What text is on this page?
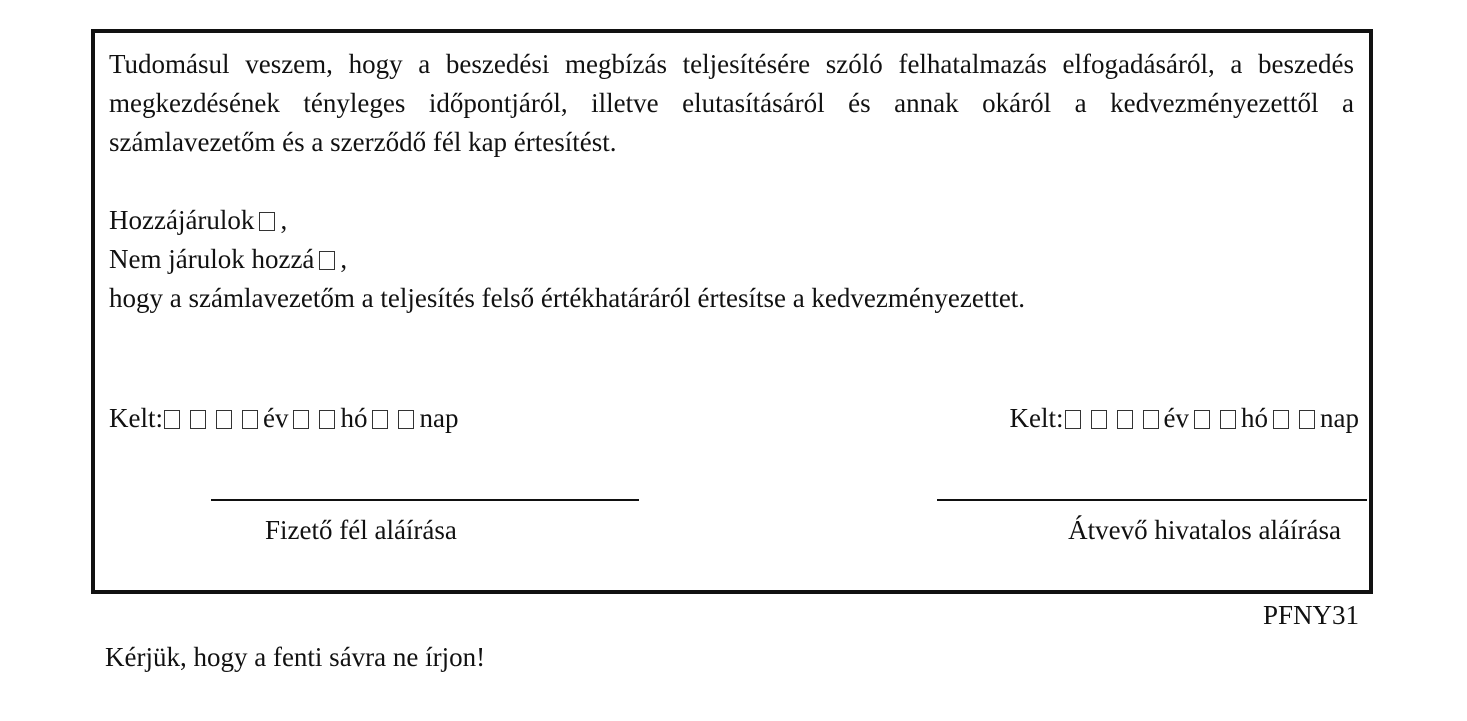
Tudomásul veszem, hogy a beszedési megbízás teljesítésére szóló felhatalmazás elfogadásáról, a beszedés megkezdésének tényleges időpontjáról, illetve elutasításáról és annak okáról a kedvezményezettől a számlavezetőm és a szerződő fél kap értesítést.

Hozzájárulok ,
Nem járulok hozzá ,
hogy a számlavezetőm a teljesítés felső értékhatáráról értesítse a kedvezményezettet.
Kelt:	év hó nap	Kelt:	év hó nap
Fizető fél aláírása	Átvevő hivatalos aláírása
PFNY31
Kérjük, hogy a fenti sávra ne írjon!
